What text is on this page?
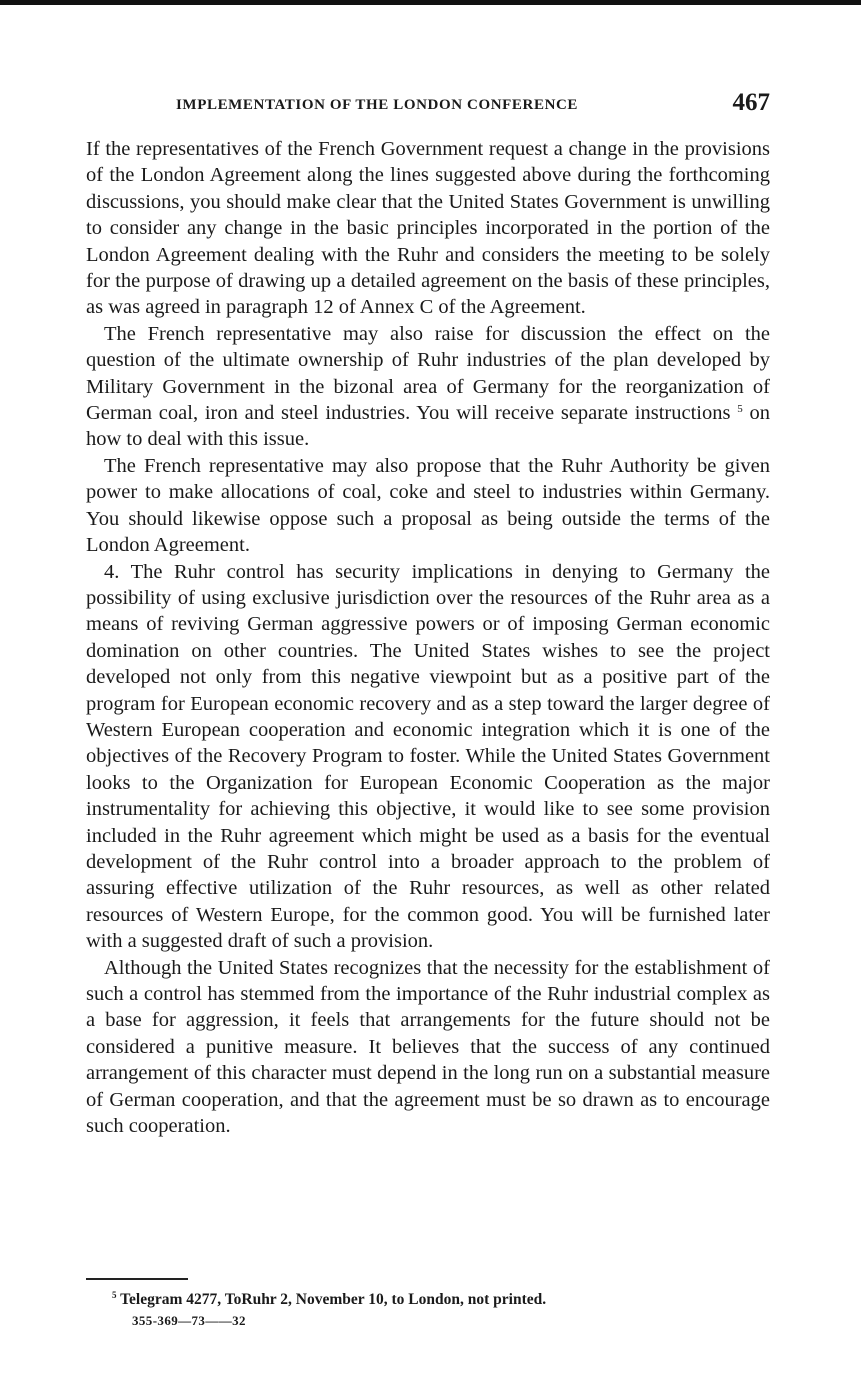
IMPLEMENTATION OF THE LONDON CONFERENCE	467

If the representatives of the French Government request a change in the provisions of the London Agreement along the lines suggested above during the forthcoming discussions, you should make clear that the United States Government is unwilling to consider any change in the basic principles incorporated in the portion of the London Agreement dealing with the Ruhr and considers the meeting to be solely for the purpose of drawing up a detailed agreement on the basis of these principles, as was agreed in paragraph 12 of Annex C of the Agreement.

The French representative may also raise for discussion the effect on the question of the ultimate ownership of Ruhr industries of the plan developed by Military Government in the bizonal area of Germany for the reorganization of German coal, iron and steel industries. You will receive separate instructions $^5$ on how to deal with this issue.

The French representative may also propose that the Ruhr Authority be given power to make allocations of coal, coke and steel to industries within Germany. You should likewise oppose such a proposal as being outside the terms of the London Agreement.

4. The Ruhr control has security implications in denying to Germany the possibility of using exclusive jurisdiction over the resources of the Ruhr area as a means of reviving German aggressive powers or of imposing German economic domination on other countries. The United States wishes to see the project developed not only from this negative viewpoint but as a positive part of the program for European economic recovery and as a step toward the larger degree of Western European cooperation and economic integration which it is one of the objectives of the Recovery Program to foster. While the United States Government looks to the Organization for European Economic Cooperation as the major instrumentality for achieving this objective, it would like to see some provision included in the Ruhr agreement which might be used as a basis for the eventual development of the Ruhr control into a broader approach to the problem of assuring effective utilization of the Ruhr resources, as well as other related resources of Western Europe, for the common good. You will be furnished later with a suggested draft of such a provision.

Although the United States recognizes that the necessity for the establishment of such a control has stemmed from the importance of the Ruhr industrial complex as a base for aggression, it feels that arrangements for the future should not be considered a punitive measure. It believes that the success of any continued arrangement of this character must depend in the long run on a substantial measure of German cooperation, and that the agreement must be so drawn as to encourage such cooperation.

$^5$ Telegram 4277, ToRuhr 2, November 10, to London, not printed.
355-369—73——32
